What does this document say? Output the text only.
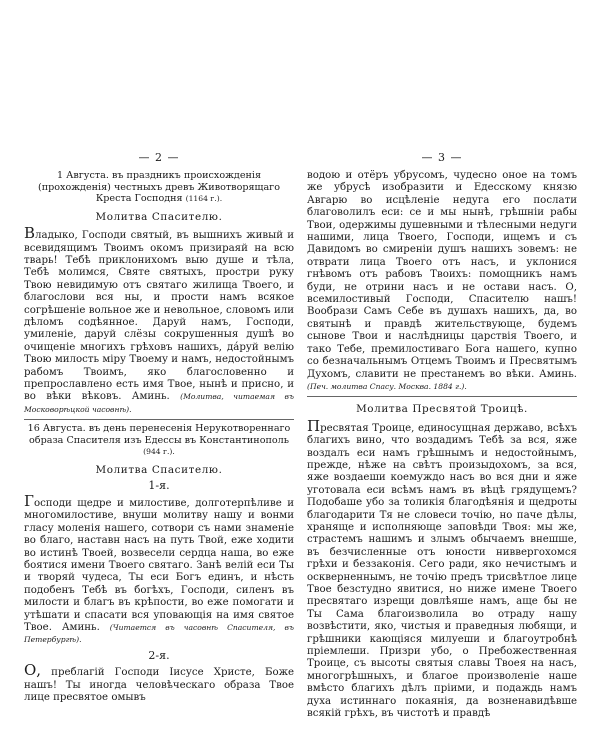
— 2 —
1 Августа. въ праздникъ происхожденія (прохожденія) честныхъ древъ Животворящаго Креста Господня (1164 г.).
Молитва Спасителю.

Владыко, Господи святый, въ вышнихъ живый и всевидящимъ Твоимъ окомъ призираяй на всю тварь! Тебѣ приклонихомъ выю душе и тѣла, Тебѣ молимся, Святе святыхъ, простри руку Твою невидимую отъ святаго жилища Твоего, и благослови вся ны, и прости намъ всякое согрѣшеніе вольное же и невольное, словомъ или дѣломъ содѣянное. Даруй намъ, Господи, умиленіе, даруй слёзы сокрушенныя душѣ во очищеніе многихъ грѣховъ нашихъ, да́руй велію Твою милость міру Твоему и намъ, недостойнымъ рабомъ Твоимъ, яко благословенно и препрославлено есть имя Твое, нынѣ и присно, и во вѣки вѣковъ. Аминь. (Молитва, читаемая въ Московорѣцкой часовнѣ).

16 Августа. въ день перенесенія Нерукотвореннаго образа Спасителя изъ Едессы въ Константинополь (944 г.).
Молитва Спасителю.
1-я.

Господи щедре и милостиве, долготерпѣливе и многомилостиве, внуши молитву нашу и вонми гласу моленія нашего, сотвори съ нами знаменіе во благо, наставн насъ на путь Твой, еже ходити во истинѣ Твоей, возвесели сердца наша, во еже боятися имени Твоего святаго. Занѣ велій еси Ты и творяй чудеса, Ты еси Богъ единъ, и нѣсть подобенъ Тебѣ въ богѣхъ, Господи, силенъ въ милости и благъ въ крѣпости, во еже помогати и утѣшати и спасати вся уповающія на имя святое Твое. Аминь. (Читается въ часовнѣ Спасителя, въ Петербургѣ).

2-я.

О, преблагій Господи Іисусе Христе, Боже нашъ! Ты иногда человѣческаго образа Твое лице пресвятое омывъ

— 3 —

водою и отёръ убрусомъ, чудесно оное на томъ же убрусѣ изобразити и Едесскому князю Авгарю во исцѣленіе недуга его послати благоволилъ еси: се и мы нынѣ, грѣшніи рабы Твои, одержимы душевными и тѣлесными недуги нашими, лица Твоего, Господи, ищемъ и съ Давидомъ во смиреніи душъ нашихъ зовемъ: не отврати лица Твоего отъ насъ, и уклонися гнѣвомъ отъ рабовъ Твоихъ: помощникъ намъ буди, не отрини насъ и не остави насъ. О, всемилостивый Господи, Спасителю нашъ! Вообрази Самъ Себе въ душахъ нашихъ, да, во святынѣ и правдѣ жительствующе, будемъ сынове Твои и наслѣдницы царствія Твоего, и тако Тебе, премилостиваго Бога нашего, купно со безначальнымъ Отцемъ Твоимъ и Пресвятымъ Духомъ, славити не престанемъ во вѣки. Аминь. (Печ. молитва Спасу. Москва. 1884 г.).

Молитва Пресвятой Троицѣ.

Пресвятая Троице, единосущная державо, всѣхъ благихъ вино, что воздадимъ Тебѣ за вся, яже воздалъ еси намъ грѣшнымъ и недостойнымъ, прежде, нѣже на свѣтъ произыдохомъ, за вся, яже воздаеши коемуждо насъ во вся дни и яже уготовала еси всѣмъ намъ въ вѣцѣ грядущемъ? Подобаше убо за толикія благодѣянія и щедроты благодарити Тя не словеси точію, но паче дѣлы, храняще и исполняюще заповѣди Твоя: мы же, страстемъ нашимъ и злымъ обычаемъ внешше, въ безчисленные отъ юности ниввергохомся грѣхи и беззаконія. Сего ради, яко нечистымъ и оскверненнымъ, не точію предъ трисвѣтлое лице Твое безстудно явитися, но ниже имене Твоего пресвятаго изрещи довлѣяше намъ, аще бы не Ты Сама благоизволила во отраду нашу возвѣстити, яко, чистыя и праведныя любящи, и грѣшники кающіяся милуеши и благоутробнѣ пріемлеши. Призри убо, о Пребожественная Троице, съ высоты святыя славы Твоея на насъ, многогрѣшныхъ, и благое произволеніе наше вмѣсто благихъ дѣлъ пріими, и подаждь намъ духа истиннаго покаянія, да возненавидѣвше всякій грѣхъ, въ чистотѣ и правдѣ
